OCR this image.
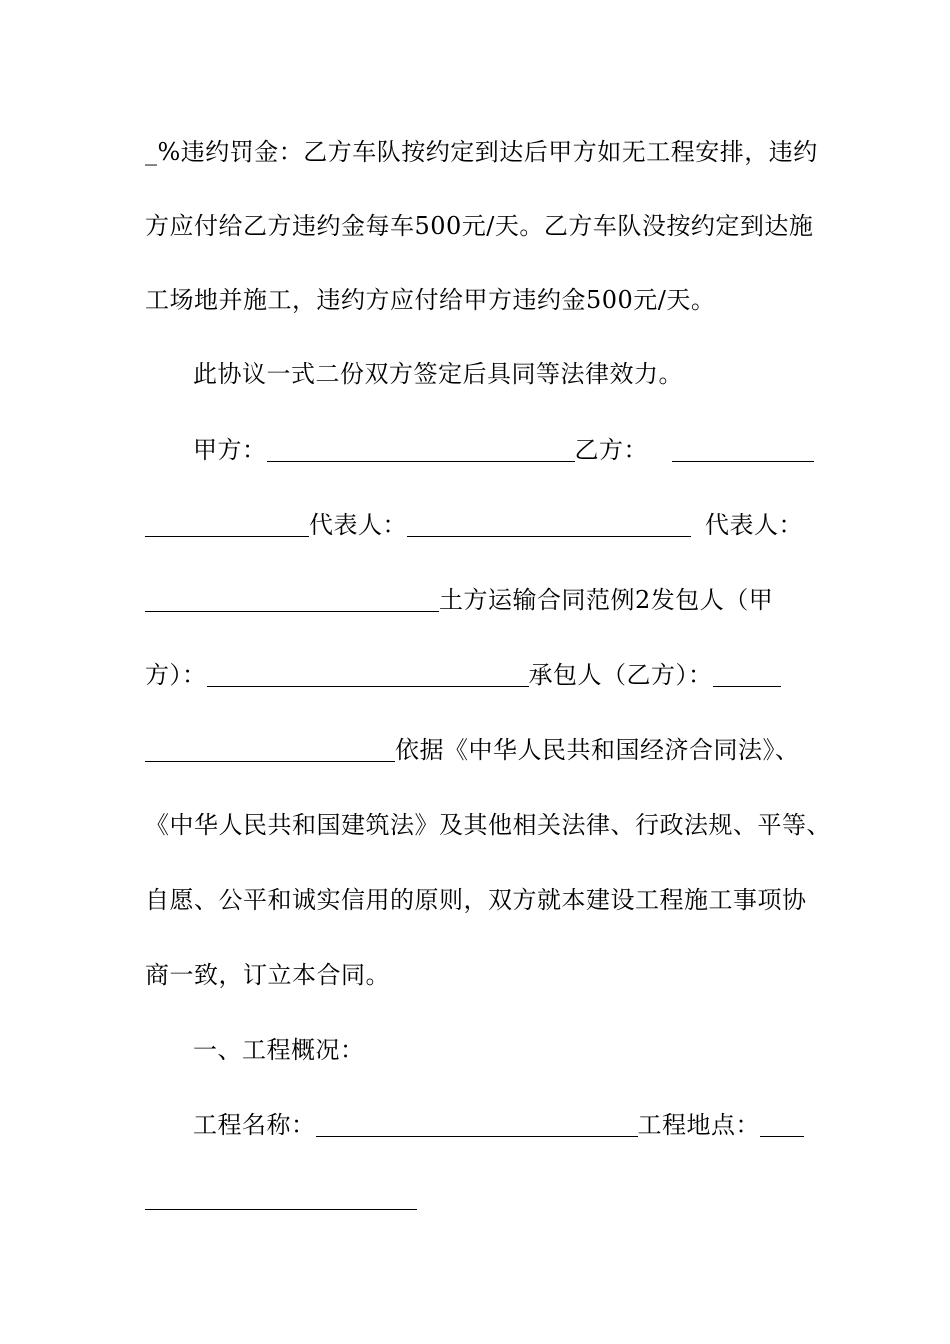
_%违约罚金：乙方车队按约定到达后甲方如无工程安排，违约
方应付给乙方违约金每车500元/天。乙方车队没按约定到达施
工场地并施工，违约方应付给甲方违约金500元/天。
此协议一式二份双方签定后具同等法律效力。
甲方：	乙方：
代表人：	代表人：
土方运输合同范例2发包人（甲
方）：	承包人（乙方）：
依据《中华人民共和国经济合同法》、
《中华人民共和国建筑法》及其他相关法律、行政法规、平等、
自愿、公平和诚实信用的原则，双方就本建设工程施工事项协
商一致，订立本合同。
一、工程概况：
工程名称：	工程地点：
